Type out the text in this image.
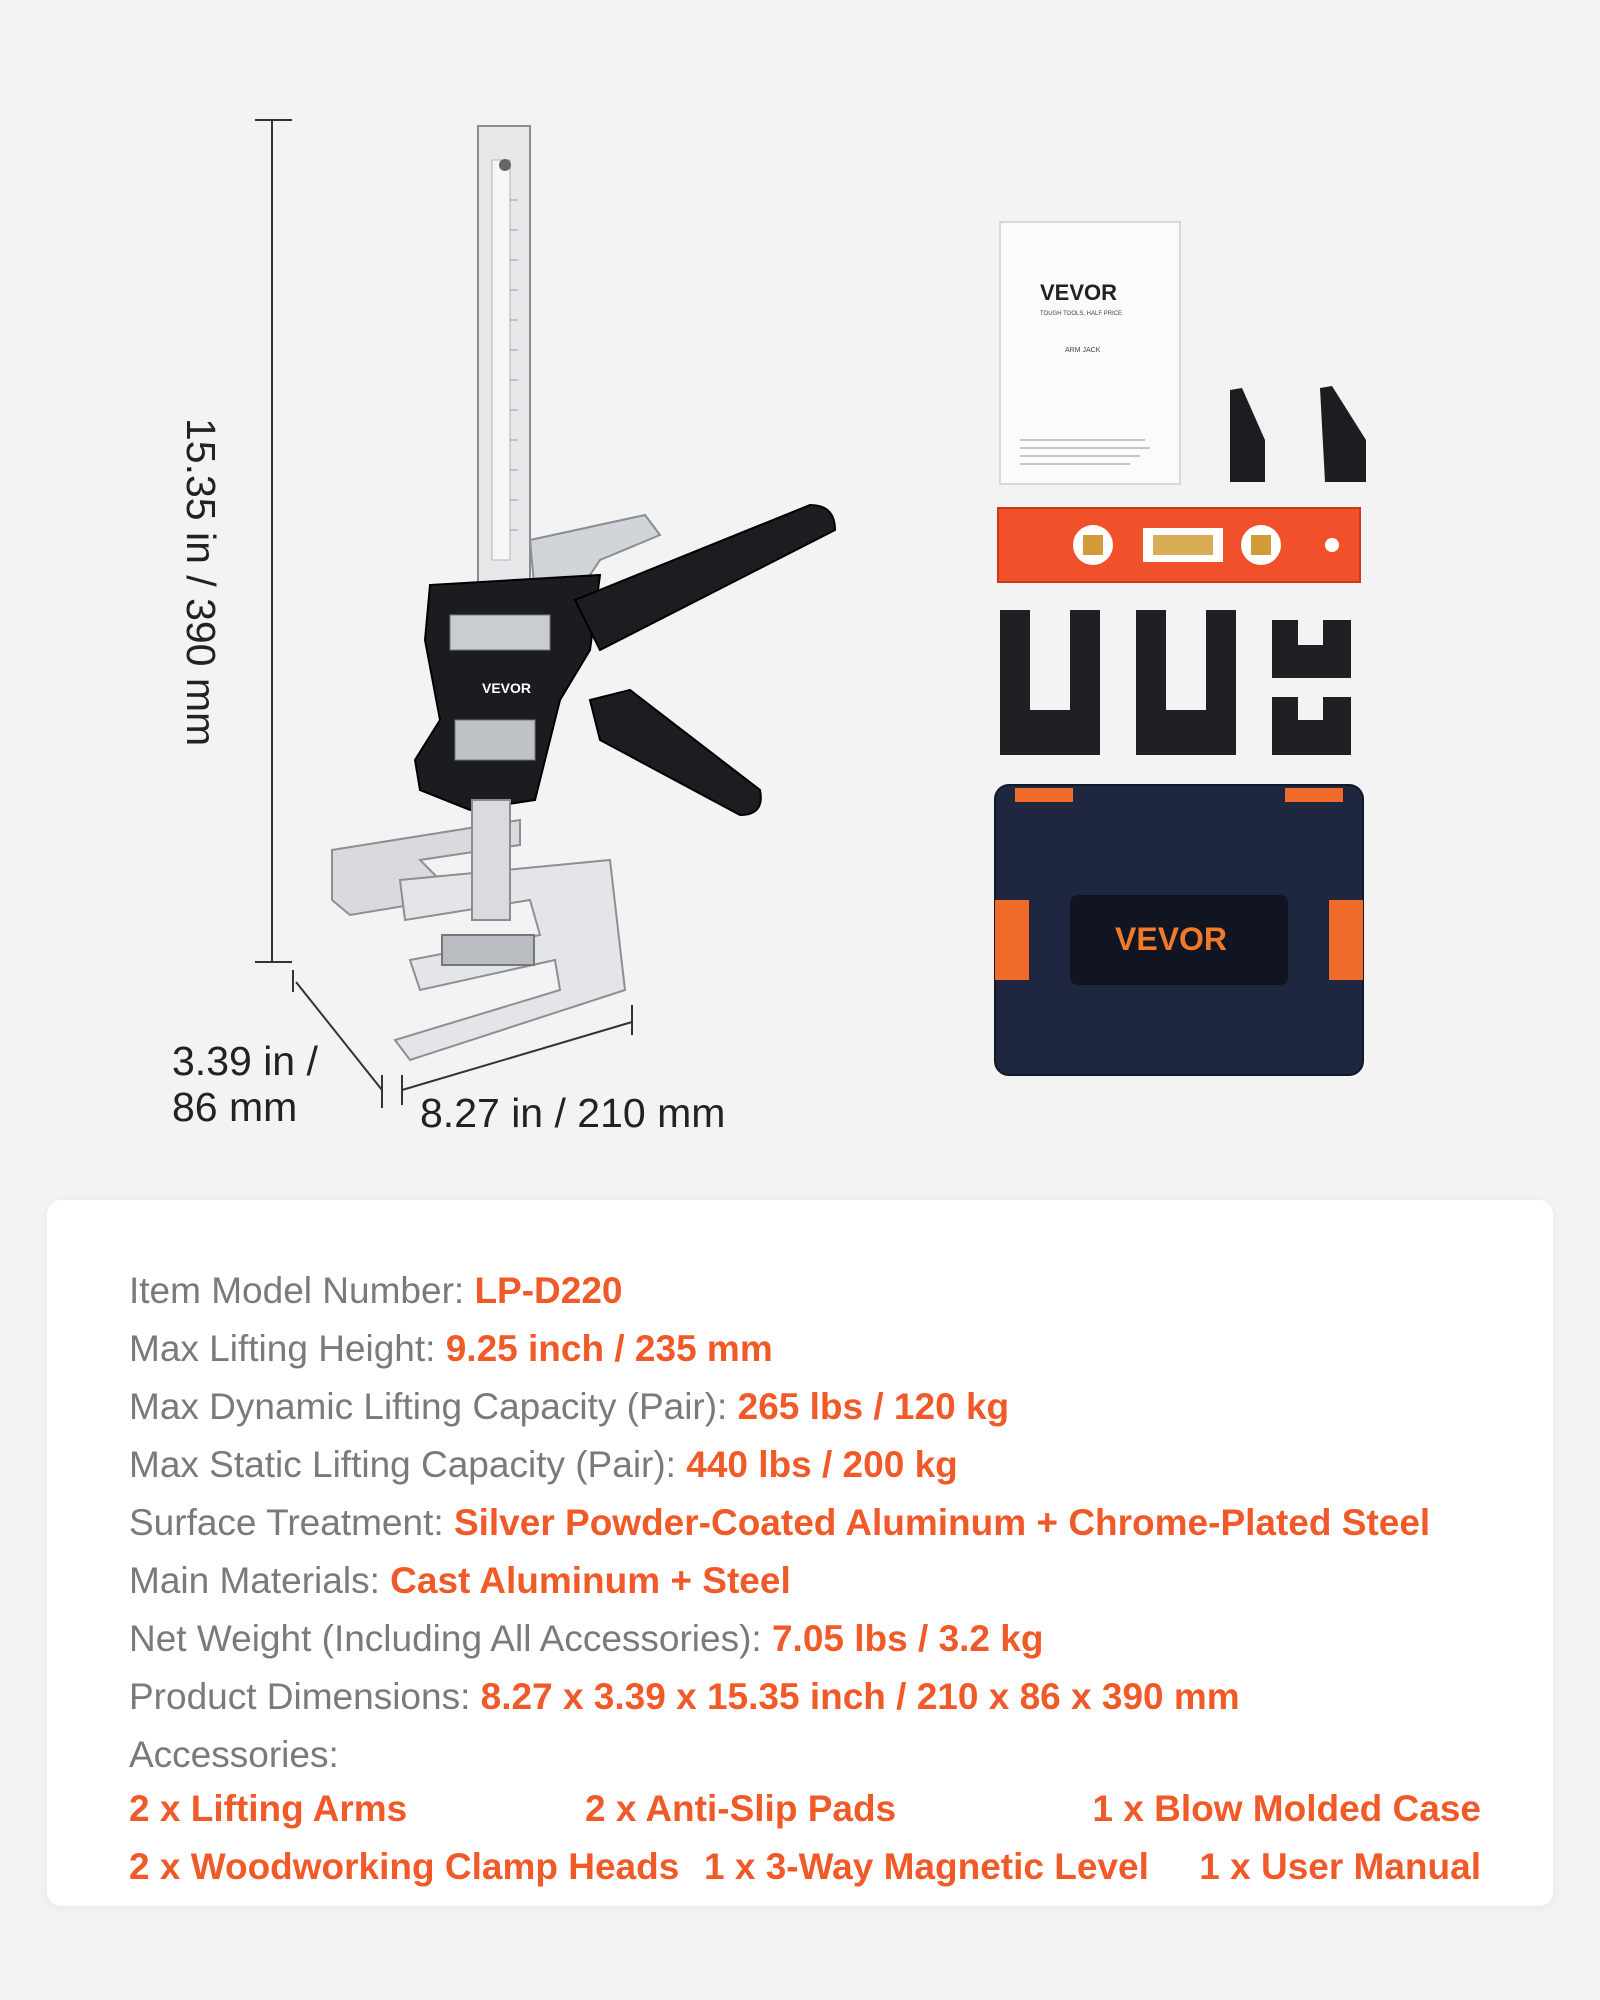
VEVOR
15.35 in / 390 mm
3.39 in /
86 mm	8.27 in / 210 mm
VEVOR
TOUGH TOOLS, HALF PRICE
ARM JACK
VEVOR
Item Model Number: LP-D220
Max Lifting Height: 9.25 inch / 235 mm
Max Dynamic Lifting Capacity (Pair): 265 lbs / 120 kg
Max Static Lifting Capacity (Pair): 440 lbs / 200 kg
Surface Treatment: Silver Powder-Coated Aluminum + Chrome-Plated Steel
Main Materials: Cast Aluminum + Steel
Net Weight (Including All Accessories): 7.05 lbs / 3.2 kg
Product Dimensions: 8.27 x 3.39 x 15.35 inch / 210 x 86 x 390 mm
Accessories:
2 x Lifting Arms	2 x Anti-Slip Pads	1 x Blow Molded Case
2 x Woodworking Clamp Heads 1 x 3-Way Magnetic Level 1 x User Manual
